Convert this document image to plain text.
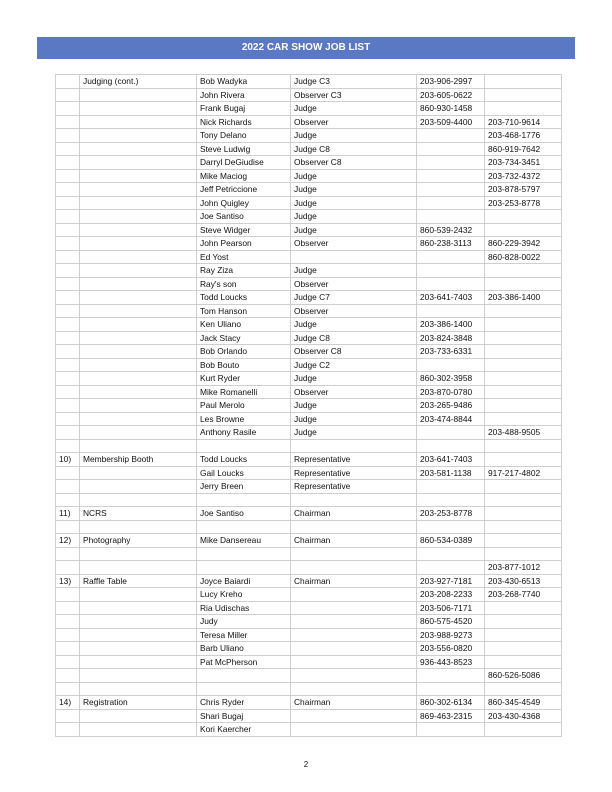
2022 CAR SHOW JOB LIST
	Judging (cont.)	Bob Wadyka	Judge C3	203-906-2997	
		John Rivera	Observer C3	203-605-0622	
		Frank Bugaj	Judge	860-930-1458	
		Nick Richards	Observer	203-509-4400	203-710-9614
		Tony Delano	Judge		203-468-1776
		Steve Ludwig	Judge C8		860-919-7642
		Darryl DeGiudise	Observer C8		203-734-3451
		Mike Maciog	Judge		203-732-4372
		Jeff Petriccione	Judge		203-878-5797
		John Quigley	Judge		203-253-8778
		Joe Santiso	Judge		
		Steve Widger	Judge	860-539-2432	
		John Pearson	Observer	860-238-3113	860-229-3942
		Ed Yost			860-828-0022
		Ray Ziza	Judge		
		Ray's son	Observer		
		Todd Loucks	Judge C7	203-641-7403	203-386-1400
		Tom Hanson	Observer		
		Ken Uliano	Judge	203-386-1400	
		Jack Stacy	Judge C8	203-824-3848	
		Bob Orlando	Observer C8	203-733-6331	
		Bob Bouto	Judge C2		
		Kurt Ryder	Judge	860-302-3958	
		Mike Romanelli	Observer	203-870-0780	
		Paul Merolo	Judge	203-265-9486	
		Les Browne	Judge	203-474-8844	
		Anthony Rasile	Judge		203-488-9505

10)	Membership Booth	Todd Loucks	Representative	203-641-7403	
		Gail Loucks	Representative	203-581-1138	917-217-4802
		Jerry Breen	Representative		

11)	NCRS	Joe Santiso	Chairman	203-253-8778	

12)	Photography	Mike Dansereau	Chairman	860-534-0389	

					203-877-1012
13)	Raffle Table	Joyce Baiardi	Chairman	203-927-7181	203-430-6513
		Lucy Kreho		203-208-2233	203-268-7740
		Ria Udischas		203-506-7171	
		Judy		860-575-4520	
		Teresa Miller		203-988-9273	
		Barb Uliano		203-556-0820	
		Pat McPherson		936-443-8523	
					860-526-5086

14)	Registration	Chris Ryder	Chairman	860-302-6134	860-345-4549
		Shari Bugaj		869-463-2315	203-430-4368
		Kori Kaercher			
2
